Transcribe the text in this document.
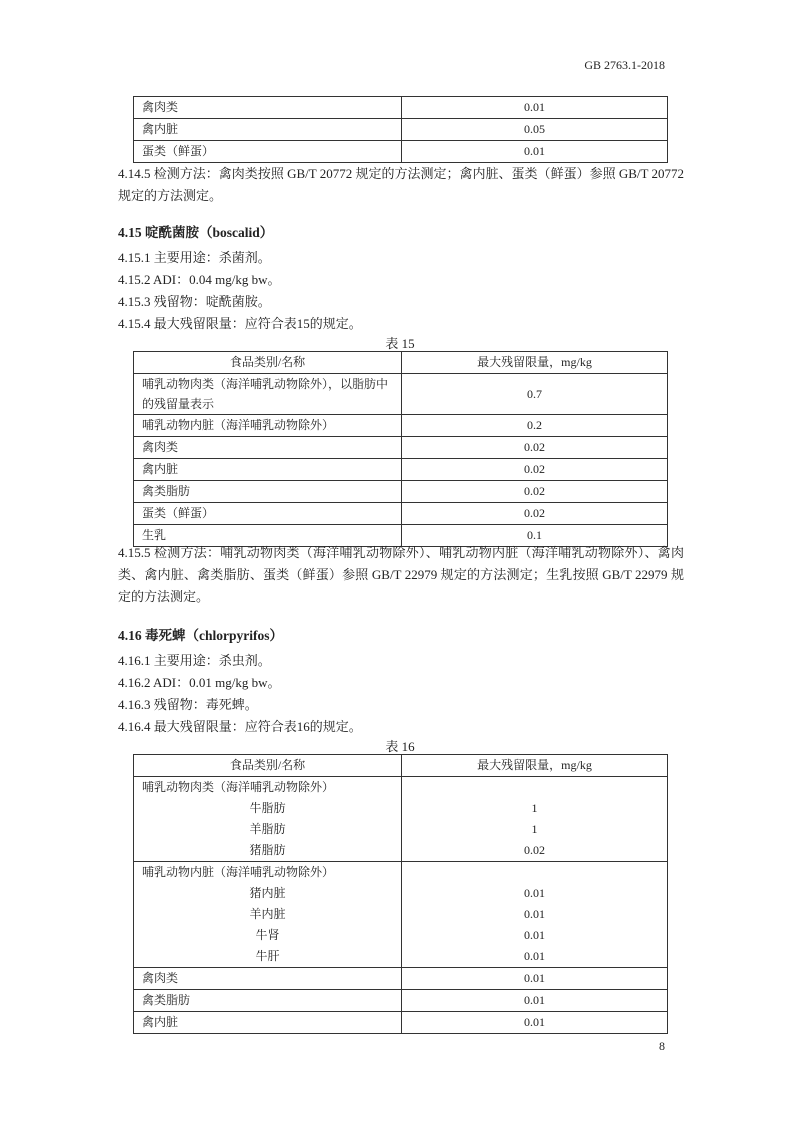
GB 2763.1-2018
禽肉类	0.01
禽内脏	0.05
蛋类（鲜蛋）	0.01
4.14.5 检测方法：禽肉类按照 GB/T 20772 规定的方法测定；禽内脏、蛋类（鲜蛋）参照 GB/T 20772 规定的方法测定。
4.15 啶酰菌胺（boscalid）
4.15.1 主要用途：杀菌剂。
4.15.2 ADI：0.04 mg/kg bw。
4.15.3 残留物：啶酰菌胺。
4.15.4 最大残留限量：应符合表15的规定。
表 15
食品类别/名称	最大残留限量，mg/kg
哺乳动物肉类（海洋哺乳动物除外），以脂肪中的残留量表示	0.7
哺乳动物内脏（海洋哺乳动物除外）	0.2
禽肉类	0.02
禽内脏	0.02
禽类脂肪	0.02
蛋类（鲜蛋）	0.02
生乳	0.1
4.15.5 检测方法：哺乳动物肉类（海洋哺乳动物除外）、哺乳动物内脏（海洋哺乳动物除外）、禽肉类、禽内脏、禽类脂肪、蛋类（鲜蛋）参照 GB/T 22979 规定的方法测定；生乳按照 GB/T 22979 规定的方法测定。
4.16 毒死蜱（chlorpyrifos）
4.16.1 主要用途：杀虫剂。
4.16.2 ADI：0.01 mg/kg bw。
4.16.3 残留物：毒死蜱。
4.16.4 最大残留限量：应符合表16的规定。
表 16
食品类别/名称	最大残留限量，mg/kg
哺乳动物肉类（海洋哺乳动物除外）	
牛脂肪	1
羊脂肪	1
猪脂肪	0.02
哺乳动物内脏（海洋哺乳动物除外）	
猪内脏	0.01
羊内脏	0.01
牛肾	0.01
牛肝	0.01
禽肉类	0.01
禽类脂肪	0.01
禽内脏	0.01
8
